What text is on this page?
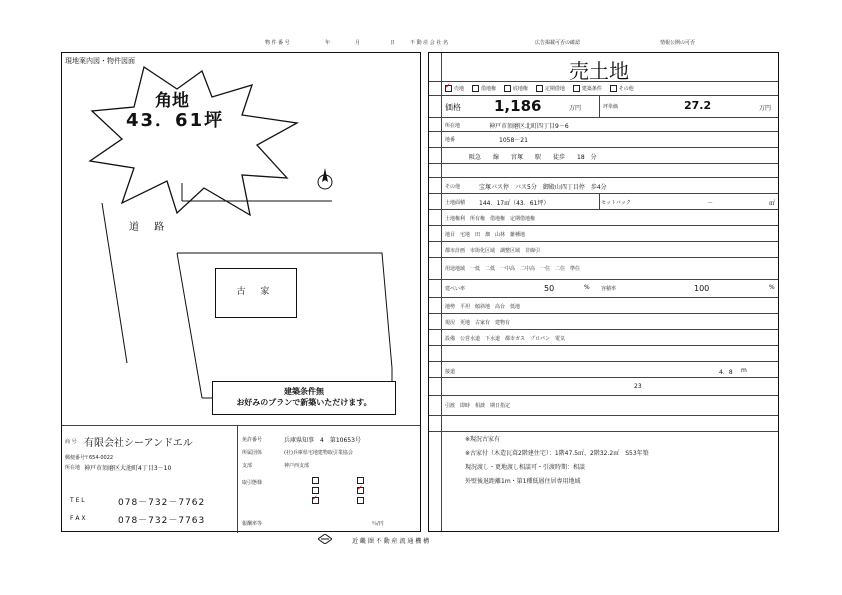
物 件 番 号	年	月	日	不 動 産 会 社 名	広告掲載可否の確認	情報公開の可否
現地案内図・物件図面
角地
43．61坪
道 路
古 家
建築条件無
お好みのプランで新築いただけます。
商 号 有限会社シーアンドエル
郵便番号
〒654-0022
所在地 神戸市須磨区大池町4丁目3－10
T E L	078－732－7762
F A X	078－732－7763
免許番号	兵庫県知事　4　第10653号
所属団体	(社)兵庫県宅地建物取引業協会
支部	神戸西支部
取引態様
✓
✓
報酬率等	％/円
売土地
✓売地     借地権     底地権     定期借地     建築条件     その他
価格 1,186	万円	坪単価	27.2	万円
所在地	神戸市須磨区北町四丁目9－6
地番	1058－21
阪急　　線　　宮塚　　駅　　徒歩　　18　分
その他	宝塚バス停　バス5分　御殿山四丁目停　歩4分
土地面積 144．17㎡（43．61坪）	セットバック	－	㎡
土地権利　所有権　借地権　定期借地権
地目　宅地　田　畑　山林　雑種地
都市計画　市街化区域　調整区域　非線引
用途地域　一低　二低　一中高　二中高　一住　二住　準住
建ぺい率	50	% 容積率	100	%
地勢　平坦　傾斜地　高台　低地
現況　更地　古家有　建物有
設備　公営水道　下水道　都市ガス　プロパン　電気
接道	4．8 m
23
引渡　即時　相談　期日指定
※現況古家有
※古家付（木造瓦葺2階建住宅）：1階47.5㎡、2階32.2㎡　S53年築
現況渡し・更地渡し相談可・引渡時期：相談
外壁後退距離1m・第1種低層住居専用地域
近 畿 圏 不 動 産 流 通 機 構
